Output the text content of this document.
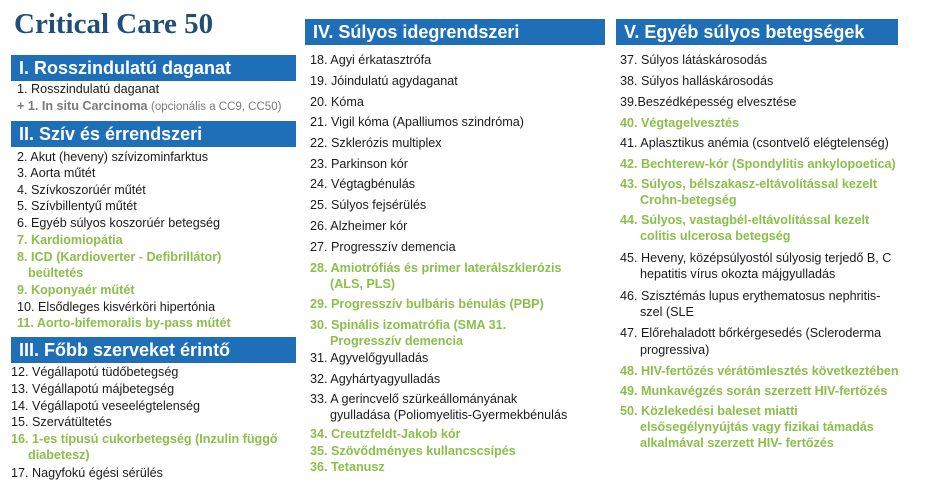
Critical Care 50
I. Rosszindulatú daganat
1. Rosszindulatú daganat
+ 1. In situ Carcinoma (opcionális a CC9, CC50)
II. Szív és érrendszeri
2. Akut (heveny) szívizominfarktus
3. Aorta műtét
4. Szívkoszorúér műtét
5. Szívbillentyű műtét
6. Egyéb súlyos koszorúér betegség
7. Kardiomiopátia
8. ICD (Kardioverter - Defibrillátor)
beültetés
9. Koponyaér műtét
10. Elsődleges kisvérköri hipertónia
11. Aorto-bifemoralis by-pass műtét
III. Főbb szerveket érintő
12. Végállapotú tüdőbetegség
13. Végállapotú májbetegség
14. Végállapotú veseelégtelenség
15. Szervátültetés
16. 1-es típusú cukorbetegség (Inzulin függő
diabetesz)
17. Nagyfokú égési sérülés
IV. Súlyos idegrendszeri
18. Agyi érkatasztrófa
19. Jóindulatú agydaganat
20. Kóma
21. Vigil kóma (Apalliumos szindróma)
22. Szklerózis multiplex
23. Parkinson kór
24. Végtagbénulás
25. Súlyos fejsérülés
26. Alzheimer kór
27. Progresszív demencia
28. Amiotrófiás és primer laterálszklerózis
(ALS, PLS)
29. Progresszív bulbáris bénulás (PBP)
30. Spinális izomatrófia (SMA 31.
Progresszív demencia
31. Agyvelőgyulladás
32. Agyhártyagyulladás
33. A gerincvelő szürkeállományának
gyulladása (Poliomyelitis-Gyermekbénulás
34. Creutzfeldt-Jakob kór
35. Szövődményes kullancscsípés
36. Tetanusz
V. Egyéb súlyos betegségek
37. Súlyos látáskárosodás
38. Súlyos halláskárosodás
39.Beszédképesség elvesztése
40. Végtagelvesztés
41. Aplasztikus anémia (csontvelő elégtelenség)
42. Bechterew-kór (Spondylitis ankylopoetica)
43. Súlyos, bélszakasz-eltávolítással kezelt
Crohn-betegség
44. Súlyos, vastagbél-eltávolítással kezelt
colitis ulcerosa betegség
45. Heveny, középsúlyostól súlyosig terjedő B, C
hepatitis vírus okozta májgyulladás
46. Szisztémás lupus erythematosus nephritis-
szel (SLE
47. Előrehaladott bőrkérgesedés (Scleroderma
progressiva)
48. HIV-fertőzés vérátömlesztés következtében
49. Munkavégzés során szerzett HIV-fertőzés
50. Közlekedési baleset miatti
elsősegélynyújtás vagy fizikai támadás
alkalmával szerzett HIV- fertőzés
